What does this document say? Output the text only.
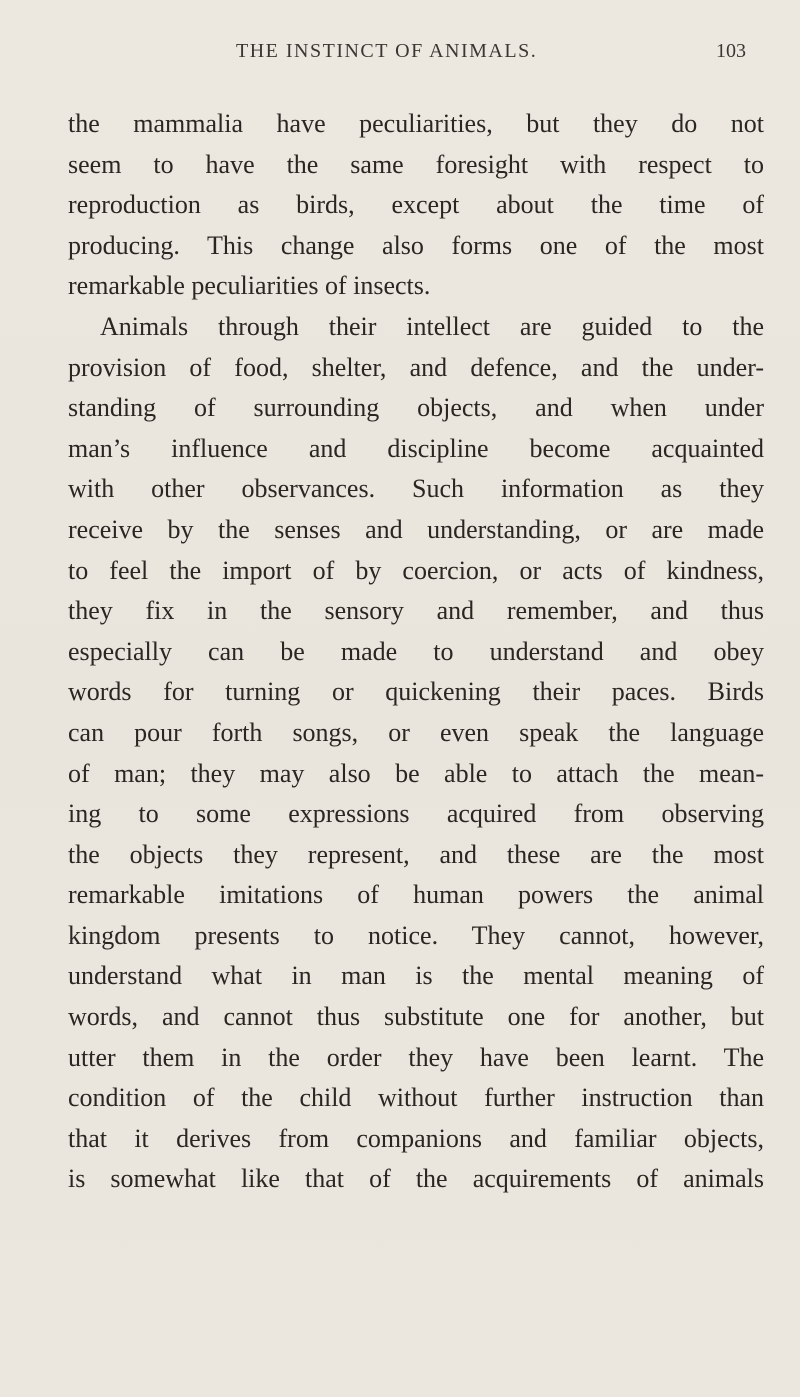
THE INSTINCT OF ANIMALS.	103
the mammalia have peculiarities, but they do not
seem to have the same foresight with respect to
reproduction as birds, except about the time of
producing. This change also forms one of the most
remarkable peculiarities of insects.
Animals through their intellect are guided to the
provision of food, shelter, and defence, and the under-
standing of surrounding objects, and when under
man’s influence and discipline become acquainted
with other observances. Such information as they
receive by the senses and understanding, or are made
to feel the import of by coercion, or acts of kindness,
they fix in the sensory and remember, and thus
especially can be made to understand and obey
words for turning or quickening their paces. Birds
can pour forth songs, or even speak the language
of man; they may also be able to attach the mean-
ing to some expressions acquired from observing
the objects they represent, and these are the most
remarkable imitations of human powers the animal
kingdom presents to notice. They cannot, however,
understand what in man is the mental meaning of
words, and cannot thus substitute one for another, but
utter them in the order they have been learnt. The
condition of the child without further instruction than
that it derives from companions and familiar objects,
is somewhat like that of the acquirements of animals
